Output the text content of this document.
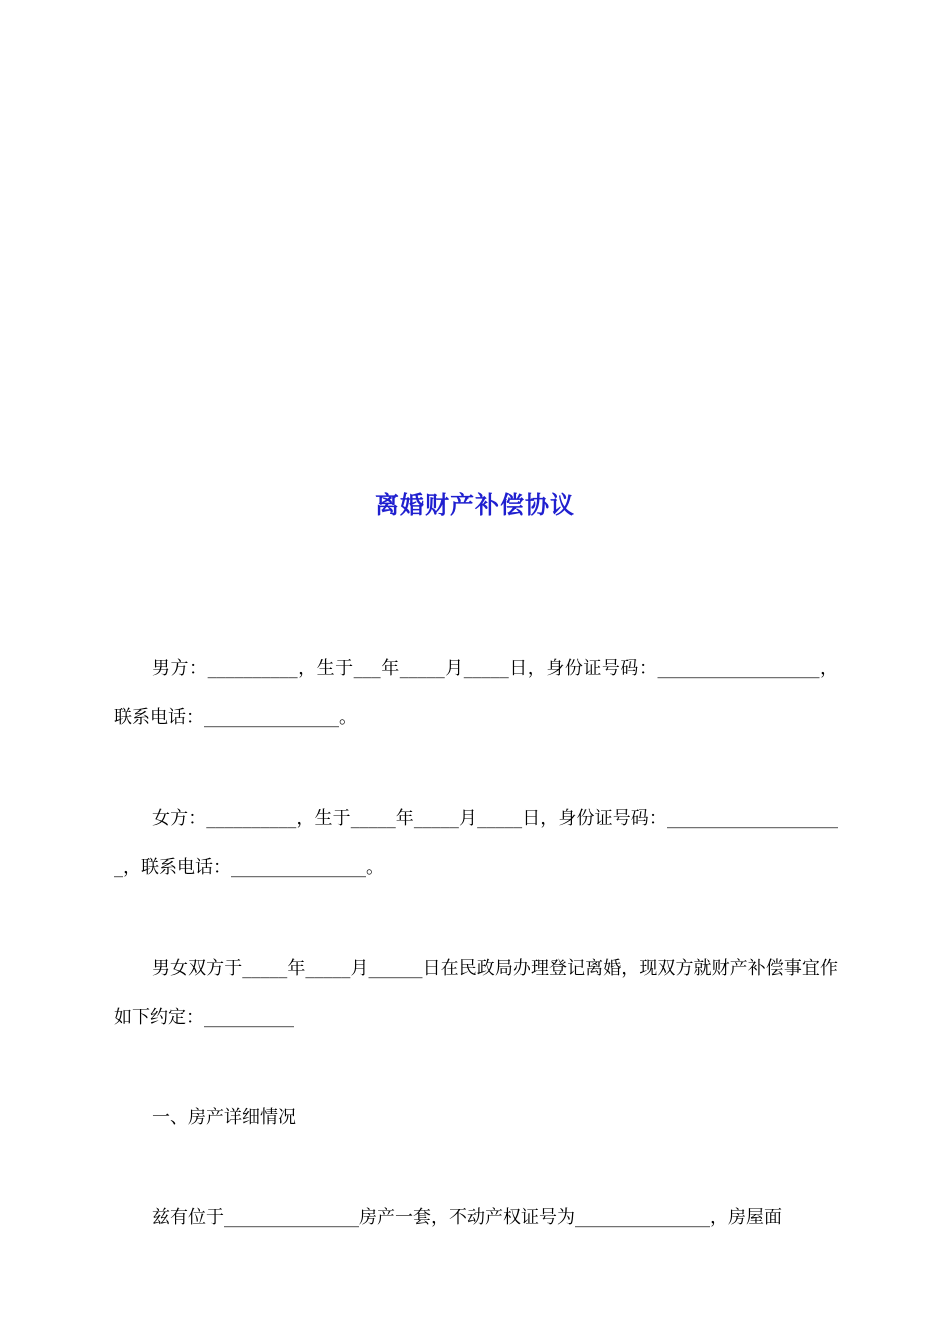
离婚财产补偿协议
男方：__________，生于___年_____月_____日，身份证号码：__________________，联系电话：_______________。
女方：__________，生于_____年_____月_____日，身份证号码：____________________，联系电话：_______________。
男女双方于_____年_____月______日在民政局办理登记离婚，现双方就财产补偿事宜作如下约定：__________
一、房产详细情况
兹有位于_______________房产一套，不动产权证号为_______________，房屋面
